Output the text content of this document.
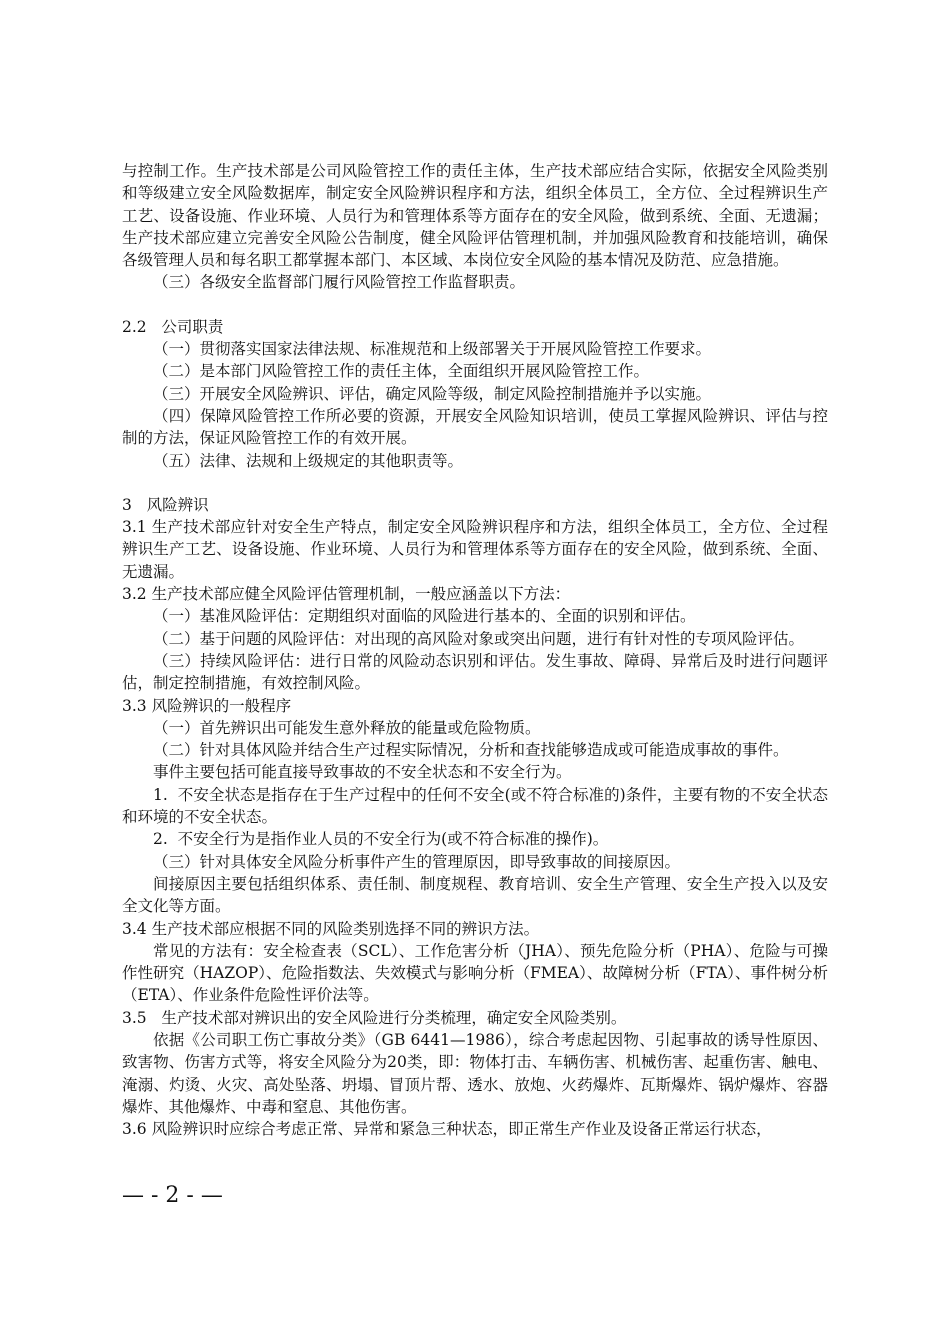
与控制工作。生产技术部是公司风险管控工作的责任主体，生产技术部应结合实际，依据安全风险类别和等级建立安全风险数据库，制定安全风险辨识程序和方法，组织全体员工，全方位、全过程辨识生产工艺、设备设施、作业环境、人员行为和管理体系等方面存在的安全风险，做到系统、全面、无遗漏；生产技术部应建立完善安全风险公告制度，健全风险评估管理机制，并加强风险教育和技能培训，确保各级管理人员和每名职工都掌握本部门、本区域、本岗位安全风险的基本情况及防范、应急措施。

（三）各级安全监督部门履行风险管控工作监督职责。

2.2   公司职责

（一）贯彻落实国家法律法规、标准规范和上级部署关于开展风险管控工作要求。

（二）是本部门风险管控工作的责任主体，全面组织开展风险管控工作。

（三）开展安全风险辨识、评估，确定风险等级，制定风险控制措施并予以实施。

（四）保障风险管控工作所必要的资源，开展安全风险知识培训，使员工掌握风险辨识、评估与控制的方法，保证风险管控工作的有效开展。

（五）法律、法规和上级规定的其他职责等。

3   风险辨识

3.1 生产技术部应针对安全生产特点，制定安全风险辨识程序和方法，组织全体员工，全方位、全过程辨识生产工艺、设备设施、作业环境、人员行为和管理体系等方面存在的安全风险，做到系统、全面、无遗漏。

3.2 生产技术部应健全风险评估管理机制，一般应涵盖以下方法：

（一）基准风险评估：定期组织对面临的风险进行基本的、全面的识别和评估。

（二）基于问题的风险评估：对出现的高风险对象或突出问题，进行有针对性的专项风险评估。

（三）持续风险评估：进行日常的风险动态识别和评估。发生事故、障碍、异常后及时进行问题评估，制定控制措施，有效控制风险。

3.3 风险辨识的一般程序

（一）首先辨识出可能发生意外释放的能量或危险物质。

（二）针对具体风险并结合生产过程实际情况，分析和查找能够造成或可能造成事故的事件。

事件主要包括可能直接导致事故的不安全状态和不安全行为。

1.  不安全状态是指存在于生产过程中的任何不安全(或不符合标准的)条件，主要有物的不安全状态和环境的不安全状态。

2.  不安全行为是指作业人员的不安全行为(或不符合标准的操作)。

（三）针对具体安全风险分析事件产生的管理原因，即导致事故的间接原因。

间接原因主要包括组织体系、责任制、制度规程、教育培训、安全生产管理、安全生产投入以及安全文化等方面。

3.4 生产技术部应根据不同的风险类别选择不同的辨识方法。

常见的方法有：安全检查表（SCL）、工作危害分析（JHA）、预先危险分析（PHA）、危险与可操作性研究（HAZOP）、危险指数法、失效模式与影响分析（FMEA）、故障树分析（FTA）、事件树分析（ETA）、作业条件危险性评价法等。

3.5   生产技术部对辨识出的安全风险进行分类梳理，确定安全风险类别。

依据《公司职工伤亡事故分类》（GB 6441—1986），综合考虑起因物、引起事故的诱导性原因、致害物、伤害方式等，将安全风险分为20类，即：物体打击、车辆伤害、机械伤害、起重伤害、触电、淹溺、灼烫、火灾、高处坠落、坍塌、冒顶片帮、透水、放炮、火药爆炸、瓦斯爆炸、锅炉爆炸、容器爆炸、其他爆炸、中毒和窒息、其他伤害。

3.6 风险辨识时应综合考虑正常、异常和紧急三种状态，即正常生产作业及设备正常运行状态，

— - 2 - —
